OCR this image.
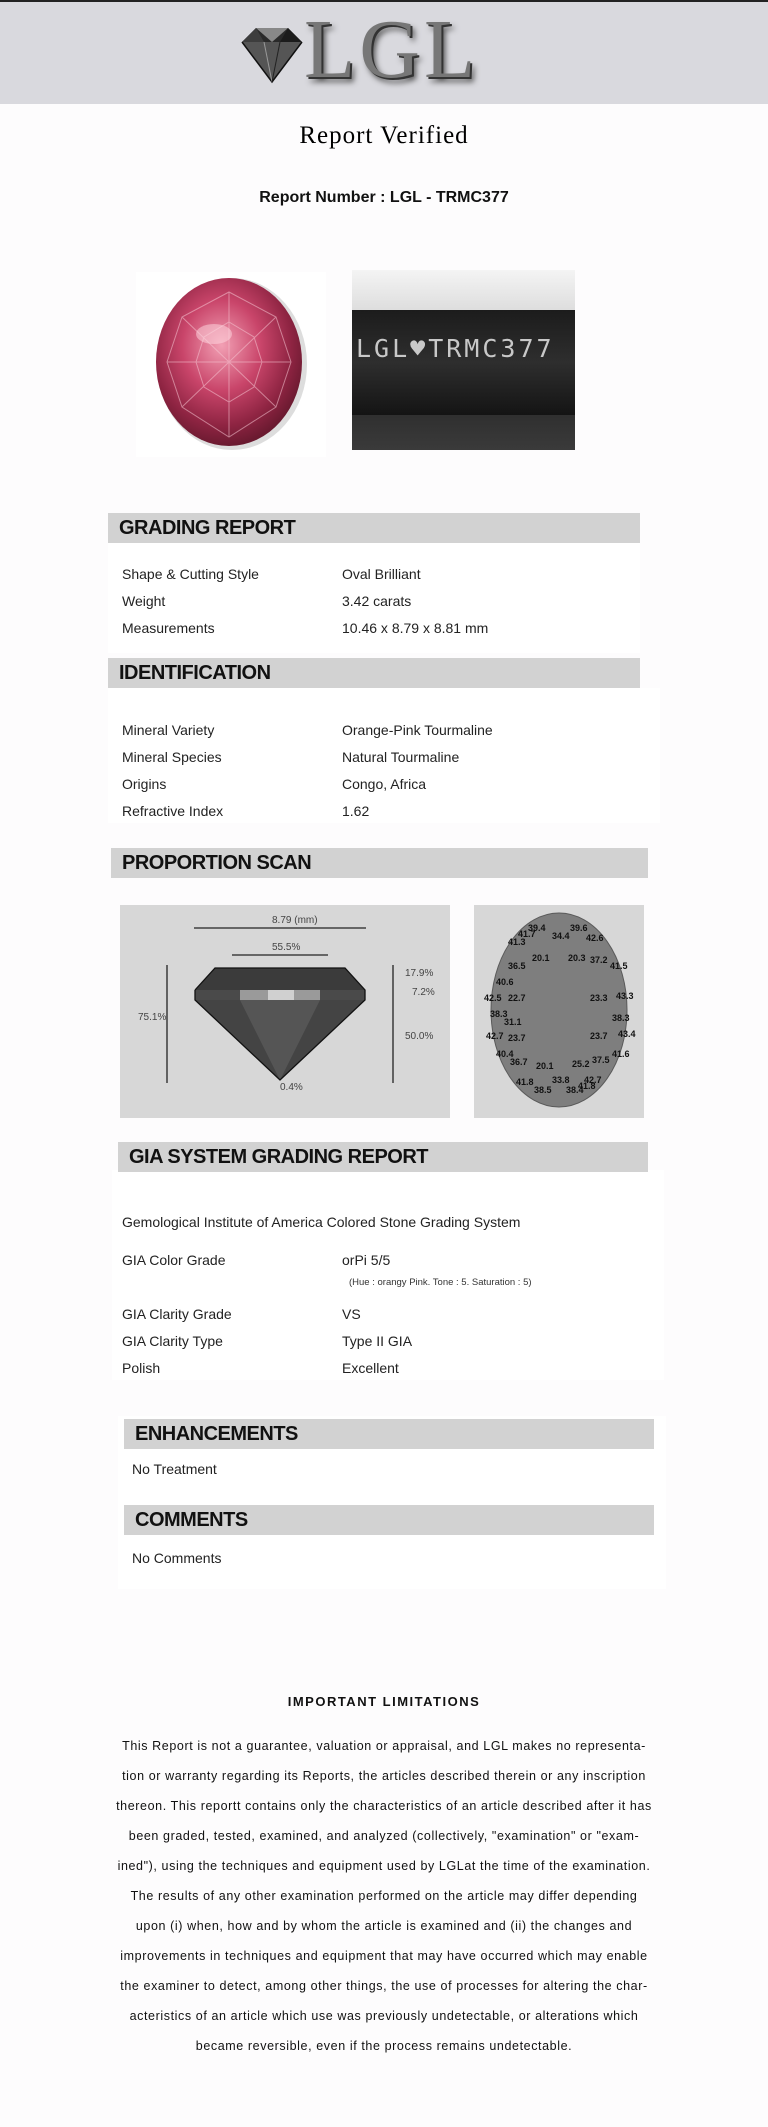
LGL
Report Verified
Report Number : LGL - TRMC377
LGL♥TRMC377
GRADING REPORT
Shape & Cutting Style	Oval Brilliant
Weight	3.42 carats
Measurements	10.46 x 8.79 x 8.81 mm
IDENTIFICATION
Mineral Variety	Orange-Pink Tourmaline
Mineral Species	Natural Tourmaline
Origins	Congo, Africa
Refractive Index	1.62
PROPORTION SCAN
8.79 (mm)
55.5%
75.1%
17.9%
7.2%
50.0%
0.4%
39.4	39.6
41.7 34.4 42.6
41.3
20.1 20.3 37.2
36.5	41.5
40.6
42.5 22.7	23.3 43.3
38.3
31.1	38.3
42.7 23.7	23.7 43.4
40.4	41.6
36.7 20.1 25.2 37.5
41.8 33.8 42.7
38.5 38.4
41.8
GIA SYSTEM GRADING REPORT
Gemological Institute of America Colored Stone Grading System
GIA Color Grade	orPi 5/5
(Hue : orangy Pink. Tone : 5. Saturation : 5)
GIA Clarity Grade	VS
GIA Clarity Type	Type II GIA
Polish	Excellent
ENHANCEMENTS
No Treatment
COMMENTS
No Comments
IMPORTANT LIMITATIONS
This Report is not a guarantee, valuation or appraisal, and LGL makes no representa-
tion or warranty regarding its Reports, the articles described therein or any inscription
thereon. This reportt contains only the characteristics of an article described after it has
been graded, tested, examined, and analyzed (collectively, "examination" or "exam-
ined"), using the techniques and equipment used by LGLat the time of the examination.
The results of any other examination performed on the article may differ depending
upon (i) when, how and by whom the article is examined and (ii) the changes and
improvements in techniques and equipment that may have occurred which may enable
the examiner to detect, among other things, the use of processes for altering the char-
acteristics of an article which use was previously undetectable, or alterations which
became reversible, even if the process remains undetectable.
